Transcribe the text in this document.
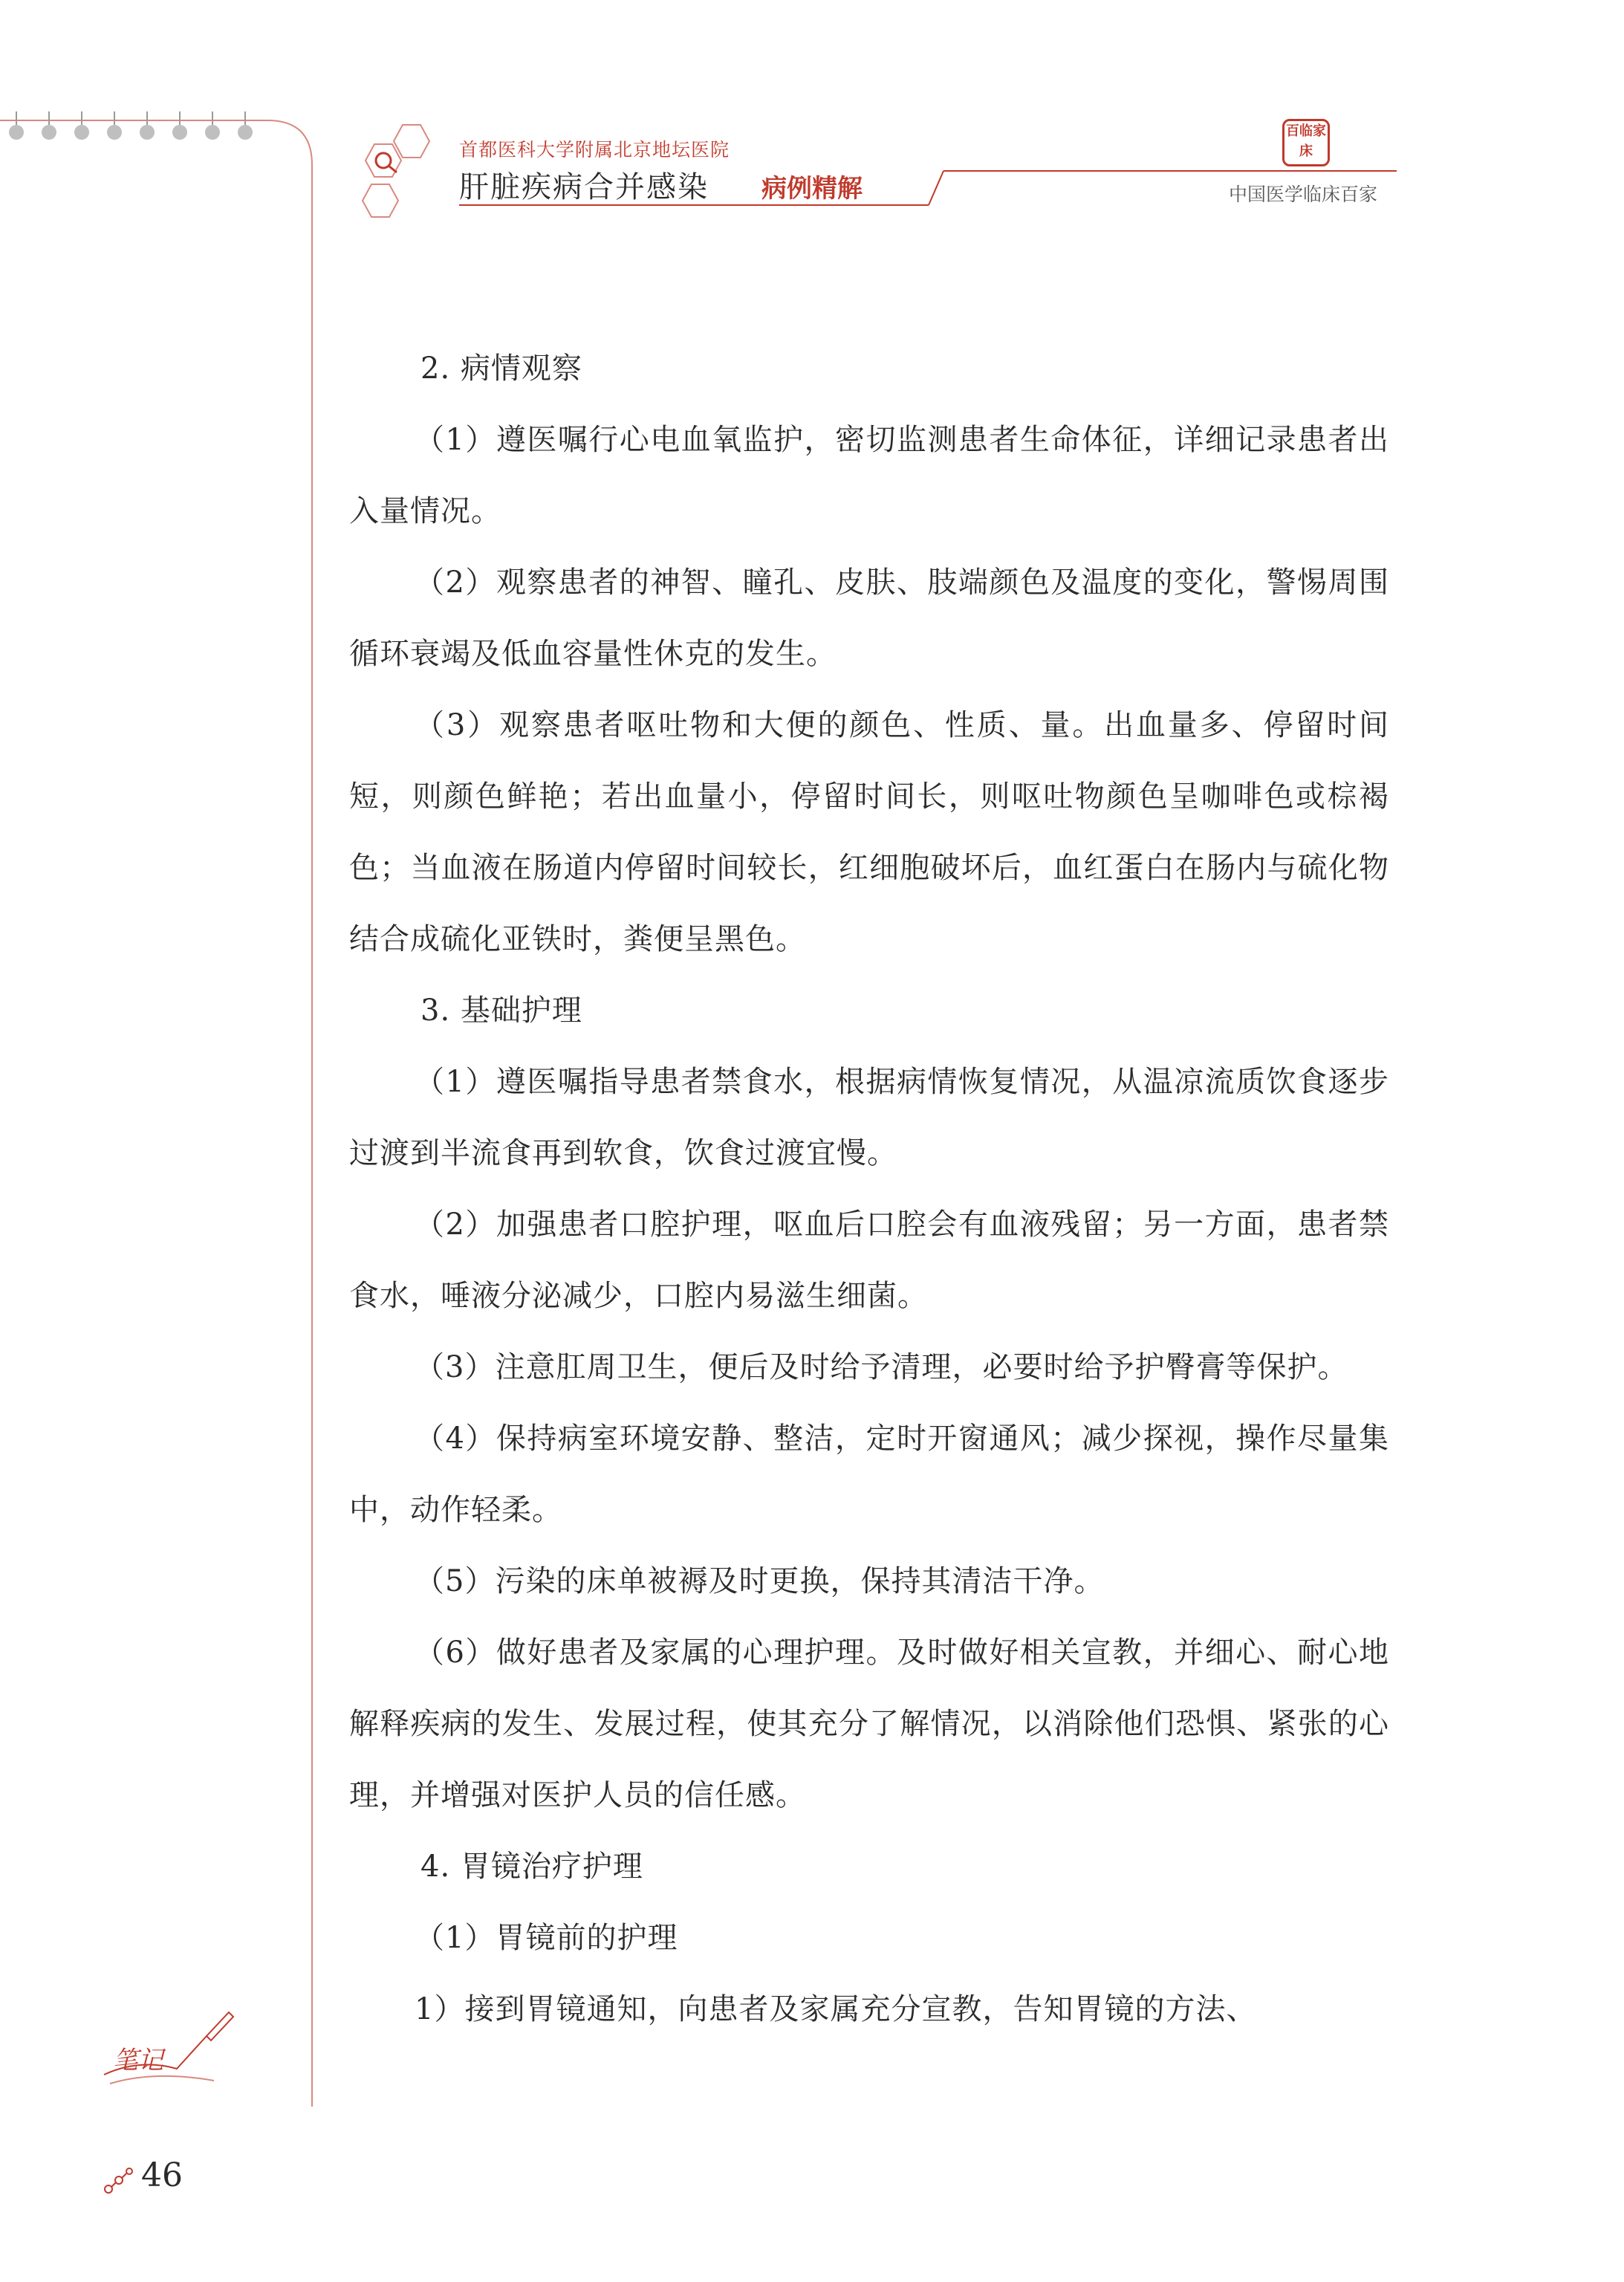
首都医科大学附属北京地坛医院
肝脏疾病合并感染 病例精解
百临家床
中国医学临床百家

2. 病情观察

（1）遵医嘱行心电血氧监护，密切监测患者生命体征，详细记录患者出入量情况。

（2）观察患者的神智、瞳孔、皮肤、肢端颜色及温度的变化，警惕周围循环衰竭及低血容量性休克的发生。

（3）观察患者呕吐物和大便的颜色、性质、量。出血量多、停留时间短，则颜色鲜艳；若出血量小，停留时间长，则呕吐物颜色呈咖啡色或棕褐色；当血液在肠道内停留时间较长，红细胞破坏后，血红蛋白在肠内与硫化物结合成硫化亚铁时，粪便呈黑色。

3. 基础护理

（1）遵医嘱指导患者禁食水，根据病情恢复情况，从温凉流质饮食逐步过渡到半流食再到软食，饮食过渡宜慢。

（2）加强患者口腔护理，呕血后口腔会有血液残留；另一方面，患者禁食水，唾液分泌减少，口腔内易滋生细菌。

（3）注意肛周卫生，便后及时给予清理，必要时给予护臀膏等保护。

（4）保持病室环境安静、整洁，定时开窗通风；减少探视，操作尽量集中，动作轻柔。

（5）污染的床单被褥及时更换，保持其清洁干净。

（6）做好患者及家属的心理护理。及时做好相关宣教，并细心、耐心地解释疾病的发生、发展过程，使其充分了解情况，以消除他们恐惧、紧张的心理，并增强对医护人员的信任感。

4. 胃镜治疗护理

（1）胃镜前的护理

1）接到胃镜通知，向患者及家属充分宣教，告知胃镜的方法、

笔记
46
